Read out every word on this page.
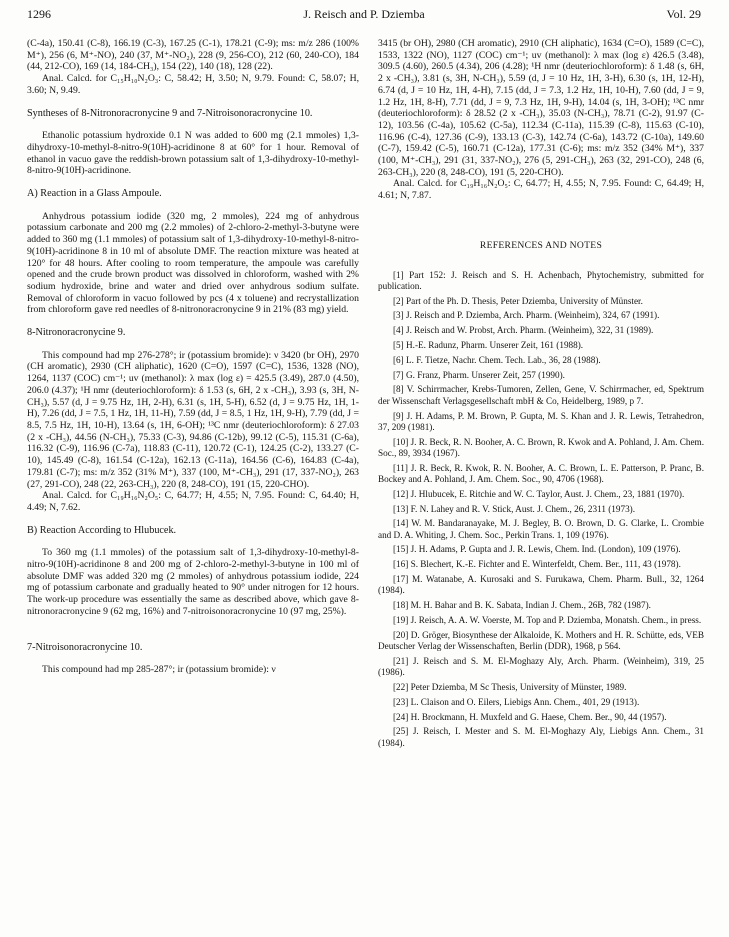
1296	J. Reisch and P. Dziemba	Vol. 29

(C-4a), 150.41 (C-8), 166.19 (C-3), 167.25 (C-1), 178.21 (C-9); ms: m/z 286 (100% M⁺), 256 (6, M⁺-NO), 240 (37, M⁺-NO₂), 228 (9, 256-CO), 212 (60, 240-CO), 184 (44, 212-CO), 169 (14, 184-CH₃), 154 (22), 140 (18), 128 (22).

Anal. Calcd. for C₁₅H₁₀N₂O₃: C, 58.42; H, 3.50; N, 9.79. Found: C, 58.07; H, 3.60; N, 9.49.

Syntheses of 8-Nitronoracronycine 9 and 7-Nitroisonoracronycine 10.

Ethanolic potassium hydroxide 0.1 N was added to 600 mg (2.1 mmoles) 1,3-dihydroxy-10-methyl-8-nitro-9(10H)-acridinone 8 at 60° for 1 hour. Removal of ethanol in vacuo gave the reddish-brown potassium salt of 1,3-dihydroxy-10-methyl-8-nitro-9(10H)-acridinone.

A) Reaction in a Glass Ampoule.

Anhydrous potassium iodide (320 mg, 2 mmoles), 224 mg of anhydrous potassium carbonate and 200 mg (2.2 mmoles) of 2-chloro-2-methyl-3-butyne were added to 360 mg (1.1 mmoles) of potassium salt of 1,3-dihydroxy-10-methyl-8-nitro-9(10H)-acridinone 8 in 10 ml of absolute DMF. The reaction mixture was heated at 120° for 48 hours. After cooling to room temperature, the ampoule was carefully opened and the crude brown product was dissolved in chloroform, washed with 2% sodium hydroxide, brine and water and dried over anhydrous sodium sulfate. Removal of chloroform in vacuo followed by pcs (4 x toluene) and recrystallization from chloroform gave red needles of 8-nitronoracronycine 9 in 21% (83 mg) yield.

8-Nitronoracronycine 9.

This compound had mp 276-278°; ir (potassium bromide): ν 3420 (br OH), 2970 (CH aromatic), 2930 (CH aliphatic), 1620 (C=O), 1597 (C=C), 1536, 1328 (NO), 1264, 1137 (COC) cm⁻¹; uv (methanol): λ max (log ε) = 425.5 (3.49), 287.0 (4.50), 206.0 (4.37); ¹H nmr (deuteriochloroform): δ 1.53 (s, 6H, 2 x -CH₃), 3.93 (s, 3H, N-CH₃), 5.57 (d, J = 9.75 Hz, 1H, 2-H), 6.31 (s, 1H, 5-H), 6.52 (d, J = 9.75 Hz, 1H, 1-H), 7.26 (dd, J = 7.5, 1 Hz, 1H, 11-H), 7.59 (dd, J = 8.5, 1 Hz, 1H, 9-H), 7.79 (dd, J = 8.5, 7.5 Hz, 1H, 10-H), 13.64 (s, 1H, 6-OH); ¹³C nmr (deuteriochloroform): δ 27.03 (2 x -CH₃), 44.56 (N-CH₃), 75.33 (C-3), 94.86 (C-12b), 99.12 (C-5), 115.31 (C-6a), 116.32 (C-9), 116.96 (C-7a), 118.83 (C-11), 120.72 (C-1), 124.25 (C-2), 133.27 (C-10), 145.49 (C-8), 161.54 (C-12a), 162.13 (C-11a), 164.56 (C-6), 164.83 (C-4a), 179.81 (C-7); ms: m/z 352 (31% M⁺), 337 (100, M⁺-CH₃), 291 (17, 337-NO₂), 263 (27, 291-CO), 248 (22, 263-CH₃), 220 (8, 248-CO), 191 (15, 220-CHO).

Anal. Calcd. for C₁₉H₁₆N₂O₅: C, 64.77; H, 4.55; N, 7.95. Found: C, 64.40; H, 4.49; N, 7.62.

B) Reaction According to Hlubucek.

To 360 mg (1.1 mmoles) of the potassium salt of 1,3-dihydroxy-10-methyl-8-nitro-9(10H)-acridinone 8 and 200 mg of 2-chloro-2-methyl-3-butyne in 100 ml of absolute DMF was added 320 mg (2 mmoles) of anhydrous potassium iodide, 224 mg of potassium carbonate and gradually heated to 90° under nitrogen for 12 hours. The work-up procedure was essentially the same as described above, which gave 8-nitronoracronycine 9 (62 mg, 16%) and 7-nitroisonoracronycine 10 (97 mg, 25%).

7-Nitroisonoracronycine 10.

This compound had mp 285-287°; ir (potassium bromide): ν

3415 (br OH), 2980 (CH aromatic), 2910 (CH aliphatic), 1634 (C=O), 1589 (C=C), 1533, 1322 (NO), 1127 (COC) cm⁻¹; uv (methanol): λ max (log ε) 426.5 (3.48), 309.5 (4.60), 260.5 (4.34), 206 (4.28); ¹H nmr (deuteriochloroform): δ 1.48 (s, 6H, 2 x -CH₃), 3.81 (s, 3H, N-CH₃), 5.59 (d, J = 10 Hz, 1H, 3-H), 6.30 (s, 1H, 12-H), 6.74 (d, J = 10 Hz, 1H, 4-H), 7.15 (dd, J = 7.3, 1.2 Hz, 1H, 10-H), 7.60 (dd, J = 9, 1.2 Hz, 1H, 8-H), 7.71 (dd, J = 9, 7.3 Hz, 1H, 9-H), 14.04 (s, 1H, 3-OH); ¹³C nmr (deuteriochloroform): δ 28.52 (2 x -CH₃), 35.03 (N-CH₃), 78.71 (C-2), 91.97 (C-12), 103.56 (C-4a), 105.62 (C-5a), 112.34 (C-11a), 115.39 (C-8), 115.63 (C-10), 116.96 (C-4), 127.36 (C-9), 133.13 (C-3), 142.74 (C-6a), 143.72 (C-10a), 149.60 (C-7), 159.42 (C-5), 160.71 (C-12a), 177.31 (C-6); ms: m/z 352 (34% M⁺), 337 (100, M⁺-CH₃), 291 (31, 337-NO₂), 276 (5, 291-CH₃), 263 (32, 291-CO), 248 (6, 263-CH₃), 220 (8, 248-CO), 191 (5, 220-CHO).

Anal. Calcd. for C₁₉H₁₆N₂O₅: C, 64.77; H, 4.55; N, 7.95. Found: C, 64.49; H, 4.61; N, 7.87.

REFERENCES AND NOTES

[1] Part 152: J. Reisch and S. H. Achenbach, Phytochemistry, submitted for publication.

[2] Part of the Ph. D. Thesis, Peter Dziemba, University of Münster.

[3] J. Reisch and P. Dziemba, Arch. Pharm. (Weinheim), 324, 67 (1991).

[4] J. Reisch and W. Probst, Arch. Pharm. (Weinheim), 322, 31 (1989).

[5] H.-E. Radunz, Pharm. Unserer Zeit, 161 (1988).

[6] L. F. Tietze, Nachr. Chem. Tech. Lab., 36, 28 (1988).

[7] G. Franz, Pharm. Unserer Zeit, 257 (1990).

[8] V. Schirrmacher, Krebs-Tumoren, Zellen, Gene, V. Schirrmacher, ed, Spektrum der Wissenschaft Verlagsgesellschaft mbH & Co, Heidelberg, 1989, p 7.

[9] J. H. Adams, P. M. Brown, P. Gupta, M. S. Khan and J. R. Lewis, Tetrahedron, 37, 209 (1981).

[10] J. R. Beck, R. N. Booher, A. C. Brown, R. Kwok and A. Pohland, J. Am. Chem. Soc., 89, 3934 (1967).

[11] J. R. Beck, R. Kwok, R. N. Booher, A. C. Brown, L. E. Patterson, P. Pranc, B. Bockey and A. Pohland, J. Am. Chem. Soc., 90, 4706 (1968).

[12] J. Hlubucek, E. Ritchie and W. C. Taylor, Aust. J. Chem., 23, 1881 (1970).

[13] F. N. Lahey and R. V. Stick, Aust. J. Chem., 26, 2311 (1973).

[14] W. M. Bandaranayake, M. J. Begley, B. O. Brown, D. G. Clarke, L. Crombie and D. A. Whiting, J. Chem. Soc., Perkin Trans. 1, 109 (1976).

[15] J. H. Adams, P. Gupta and J. R. Lewis, Chem. Ind. (London), 109 (1976).

[16] S. Blechert, K.-E. Fichter and E. Winterfeldt, Chem. Ber., 111, 43 (1978).

[17] M. Watanabe, A. Kurosaki and S. Furukawa, Chem. Pharm. Bull., 32, 1264 (1984).

[18] M. H. Bahar and B. K. Sabata, Indian J. Chem., 26B, 782 (1987).

[19] J. Reisch, A. A. W. Voerste, M. Top and P. Dziemba, Monatsh. Chem., in press.

[20] D. Gröger, Biosynthese der Alkaloide, K. Mothers and H. R. Schütte, eds, VEB Deutscher Verlag der Wissenschaften, Berlin (DDR), 1968, p 564.

[21] J. Reisch and S. M. El-Moghazy Aly, Arch. Pharm. (Weinheim), 319, 25 (1986).

[22] Peter Dziemba, M Sc Thesis, University of Münster, 1989.

[23] L. Claison and O. Eilers, Liebigs Ann. Chem., 401, 29 (1913).

[24] H. Brockmann, H. Muxfeld and G. Haese, Chem. Ber., 90, 44 (1957).

[25] J. Reisch, I. Mester and S. M. El-Moghazy Aly, Liebigs Ann. Chem., 31 (1984).
